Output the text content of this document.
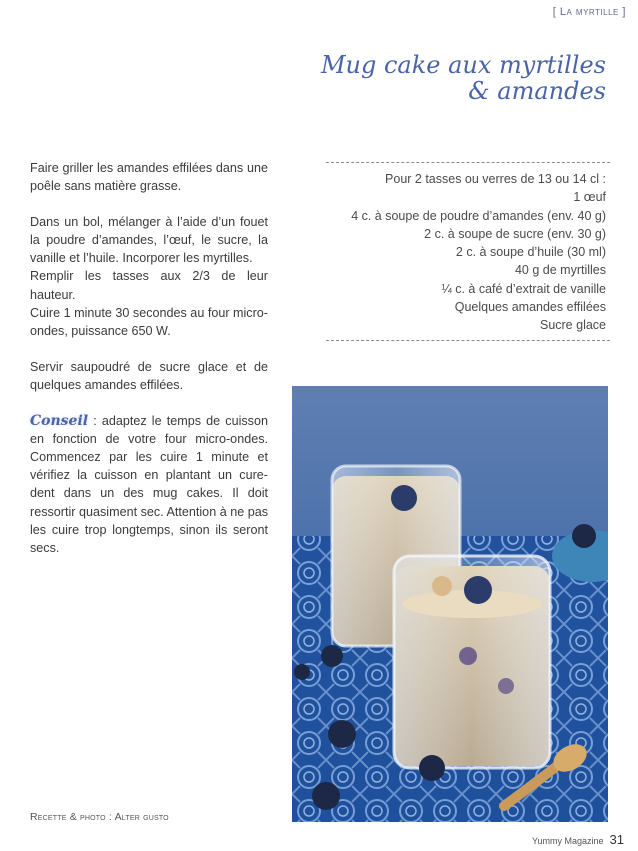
[ La myrtille ]
Mug cake aux myrtilles
& amandes
Pour 2 tasses ou verres de 13 ou 14 cl :
1 œuf
4 c. à soupe de poudre d’amandes (env. 40 g)
2 c. à soupe de sucre (env. 30 g)
2 c. à soupe d’huile (30 ml)
40 g de myrtilles
¼ c. à café d’extrait de vanille
Quelques amandes effilées
Sucre glace

Faire griller les amandes effilées dans une poêle sans matière grasse.

Dans un bol, mélanger à l’aide d’un fouet la poudre d’amandes, l’œuf, le sucre, la vanille et l’huile. Incorporer les myrtilles.

Remplir les tasses aux 2/3 de leur hauteur.

Cuire 1 minute 30 secondes au four micro-ondes, puissance 650 W.

Servir saupoudré de sucre glace et de quelques amandes effilées.

Conseil : adaptez le temps de cuisson en fonction de votre four micro-ondes. Commencez par les cuire 1 minute et vérifiez la cuisson en plantant un cure-dent dans un des mug cakes. Il doit ressortir quasiment sec. Attention à ne pas les cuire trop longtemps, sinon ils seront secs.

Recette & photo : Alter gusto
Yummy Magazine 31
